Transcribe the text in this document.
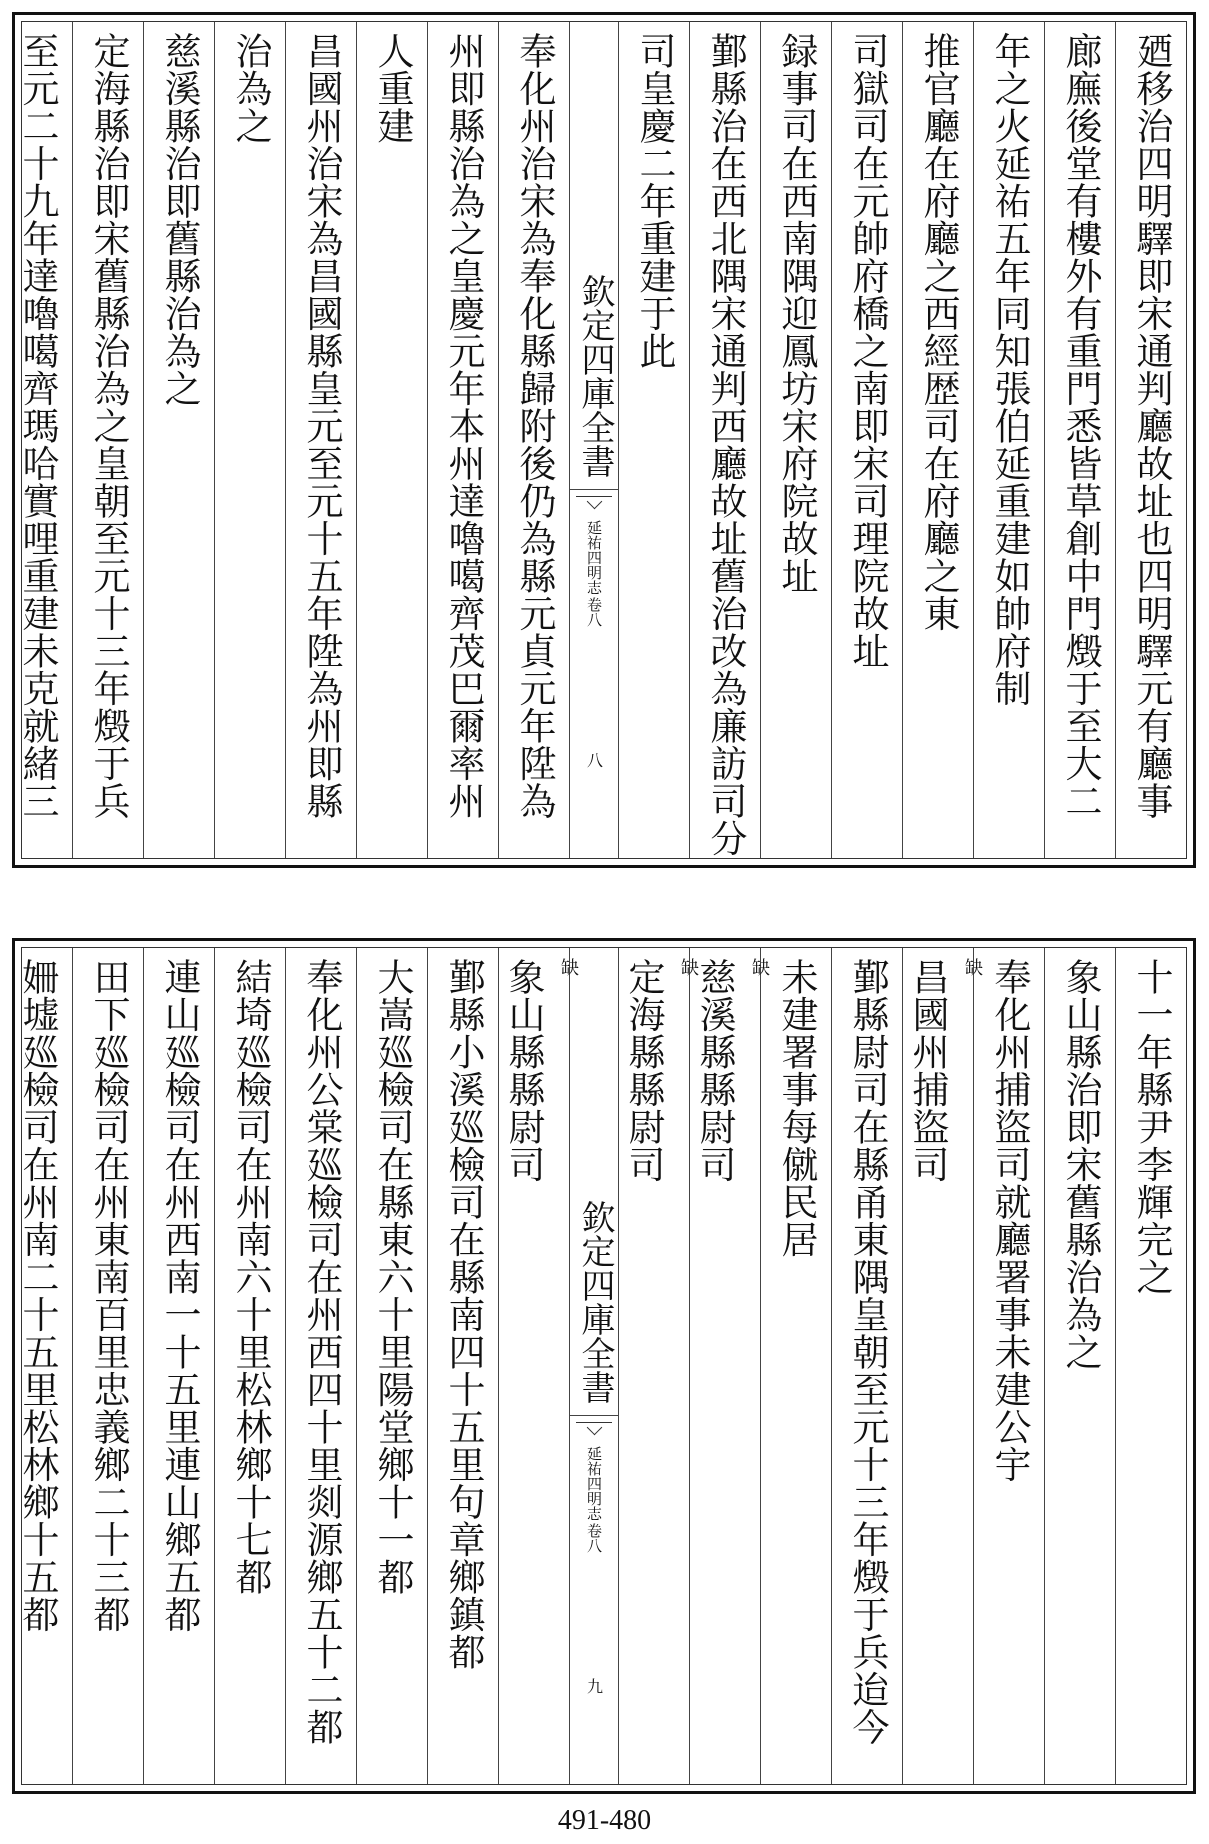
廼移治四明驛即宋通判廳故址也四明驛元有廳事
廊廡後堂有樓外有重門悉皆草創中門燬于至大二
年之火延祐五年同知張伯延重建如帥府制
推官廳在府廳之西經歴司在府廳之東
司獄司在元帥府橋之南即宋司理院故址
録事司在西南隅迎鳳坊宋府院故址
鄞縣治在西北隅宋通判西廳故址舊治改為廉訪司分
司皇慶二年重建于此
欽定四庫全書
延祐四明志
卷八
八
奉化州治宋為奉化縣歸附後仍為縣元貞元年陞為
州即縣治為之皇慶元年本州達嚕噶齊茂巴爾率州
人重建
昌國州治宋為昌國縣皇元至元十五年陞為州即縣
治為之
慈溪縣治即舊縣治為之
定海縣治即宋舊縣治為之皇朝至元十三年燬于兵
至元二十九年達嚕噶齊瑪哈實哩重建未克就緒三
十一年縣尹李輝完之
象山縣治即宋舊縣治為之
奉化州捕盜司就廳署事未建公宇
昌國州捕盜司 缺
鄞縣尉司在縣甬東隅皇朝至元十三年燬于兵迨今
未建署事每僦民居
慈溪縣縣尉司 缺
定海縣縣尉司 缺
欽定四庫全書
延祐四明志
卷八
九
象山縣縣尉司 缺
鄞縣小溪廵檢司在縣南四十五里句章鄉鎮都
大嵩廵檢司在縣東六十里陽堂鄉十一都
奉化州公棠廵檢司在州西四十里剡源鄉五十二都
結埼廵檢司在州南六十里松林鄉十七都
連山廵檢司在州西南一十五里連山鄉五都
田下廵檢司在州東南百里忠義鄉二十三都
姍墟廵檢司在州南二十五里松林鄉十五都
491-480
